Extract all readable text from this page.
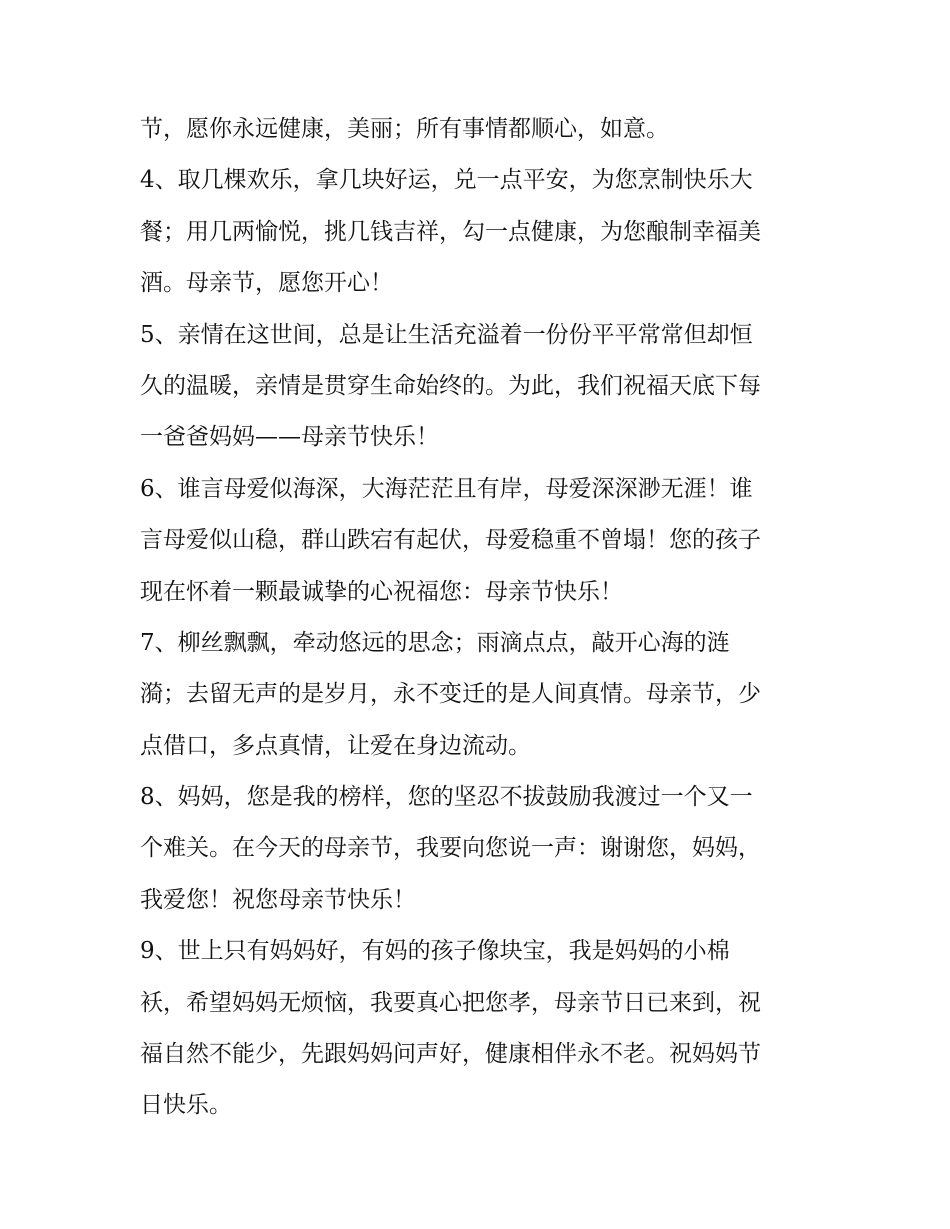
节，愿你永远健康，美丽；所有事情都顺心，如意。
4、取几棵欢乐，拿几块好运，兑一点平安，为您烹制快乐大
餐；用几两愉悦，挑几钱吉祥，勾一点健康，为您酿制幸福美
酒。母亲节，愿您开心！
5、亲情在这世间，总是让生活充溢着一份份平平常常但却恒
久的温暖，亲情是贯穿生命始终的。为此，我们祝福天底下每
一爸爸妈妈——母亲节快乐！
6、谁言母爱似海深，大海茫茫且有岸，母爱深深渺无涯！谁
言母爱似山稳，群山跌宕有起伏，母爱稳重不曾塌！您的孩子
现在怀着一颗最诚挚的心祝福您：母亲节快乐！
7、柳丝飘飘，牵动悠远的思念；雨滴点点，敲开心海的涟
漪；去留无声的是岁月，永不变迁的是人间真情。母亲节，少
点借口，多点真情，让爱在身边流动。
8、妈妈，您是我的榜样，您的坚忍不拔鼓励我渡过一个又一
个难关。在今天的母亲节，我要向您说一声：谢谢您，妈妈，
我爱您！祝您母亲节快乐！
9、世上只有妈妈好，有妈的孩子像块宝，我是妈妈的小棉
袄，希望妈妈无烦恼，我要真心把您孝，母亲节日已来到，祝
福自然不能少，先跟妈妈问声好，健康相伴永不老。祝妈妈节
日快乐。
